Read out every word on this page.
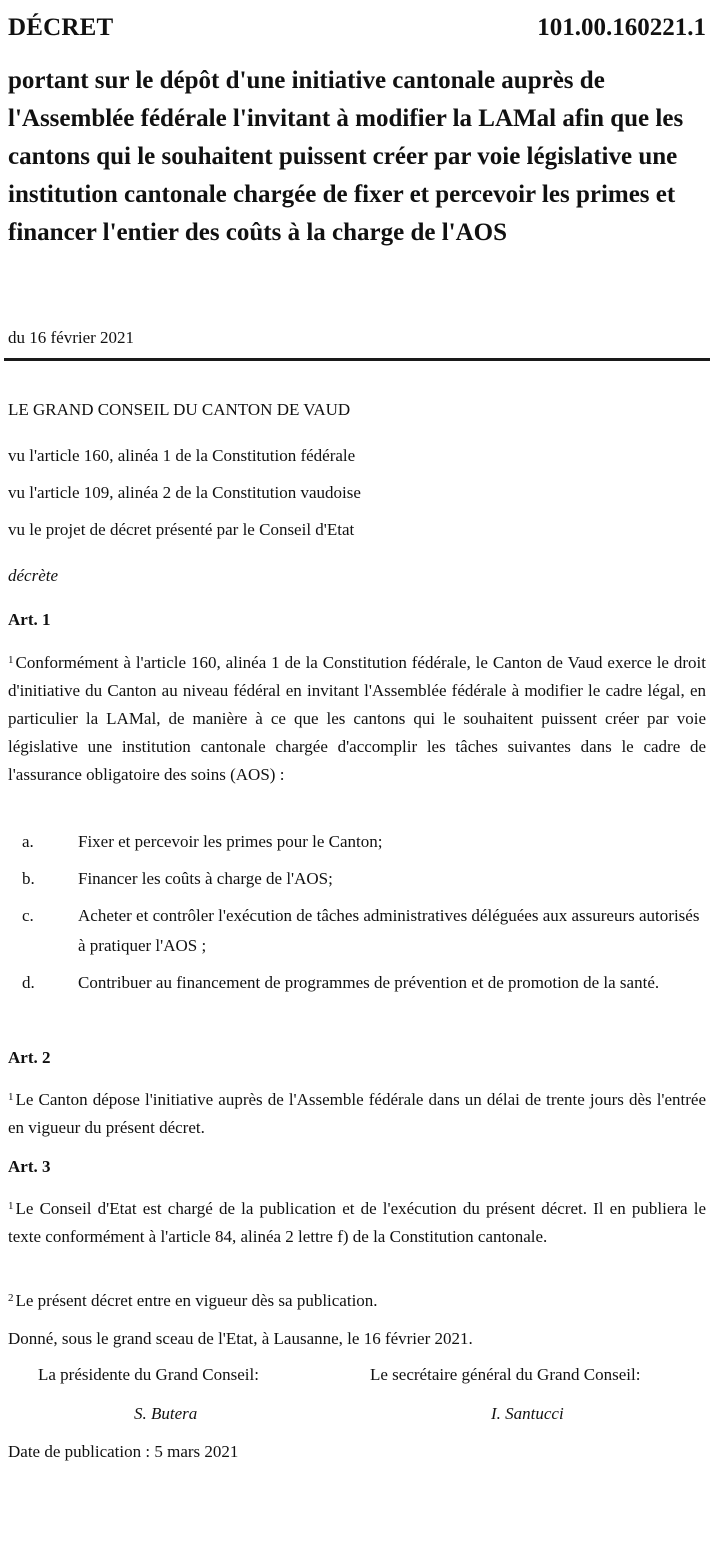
DÉCRET	101.00.160221.1

portant sur le dépôt d'une initiative cantonale auprès de l'Assemblée fédérale l'invitant à modifier la LAMal afin que les cantons qui le souhaitent puissent créer par voie législative une institution cantonale chargée de fixer et percevoir les primes et financer l'entier des coûts à la charge de l'AOS

du 16 février 2021
LE GRAND CONSEIL DU CANTON DE VAUD
vu l'article 160, alinéa 1 de la Constitution fédérale
vu l'article 109, alinéa 2 de la Constitution vaudoise
vu le projet de décret présenté par le Conseil d'Etat
décrète
Art. 1
$^1$ Conformément à l'article 160, alinéa 1 de la Constitution fédérale, le Canton de Vaud exerce le droit d'initiative du Canton au niveau fédéral en invitant l'Assemblée fédérale à modifier le cadre légal, en particulier la LAMal, de manière à ce que les cantons qui le souhaitent puissent créer par voie législative une institution cantonale chargée d'accomplir les tâches suivantes dans le cadre de l'assurance obligatoire des soins (AOS) :
a.	Fixer et percevoir les primes pour le Canton;
b.	Financer les coûts à charge de l'AOS;
c.	Acheter et contrôler l'exécution de tâches administratives déléguées aux assureurs autorisés à pratiquer l'AOS ;
d.	Contribuer au financement de programmes de prévention et de promotion de la santé.
Art. 2
$^1$ Le Canton dépose l'initiative auprès de l'Assemble fédérale dans un délai de trente jours dès l'entrée en vigueur du présent décret.
Art. 3
$^1$ Le Conseil d'Etat est chargé de la publication et de l'exécution du présent décret. Il en publiera le texte conformément à l'article 84, alinéa 2 lettre f) de la Constitution cantonale.
$^2$ Le présent décret entre en vigueur dès sa publication.
Donné, sous le grand sceau de l'Etat, à Lausanne, le 16 février 2021.
La présidente du Grand Conseil:	Le secrétaire général du Grand Conseil:
S. Butera	I. Santucci
Date de publication : 5 mars 2021
